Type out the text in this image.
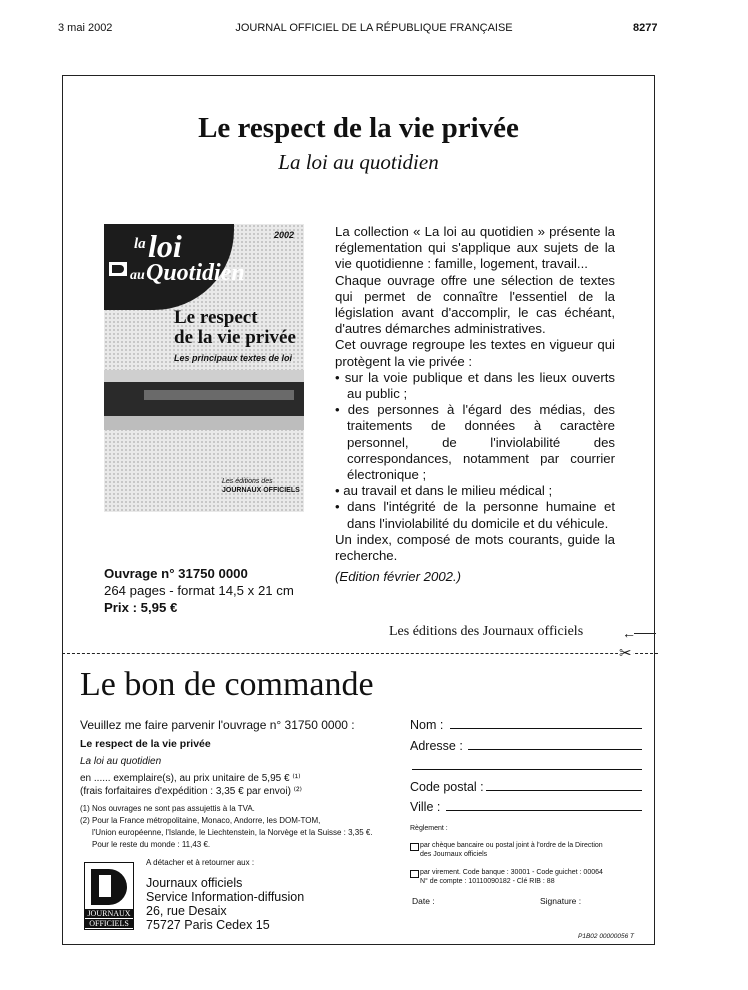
3 mai 2002	JOURNAL OFFICIEL DE LA RÉPUBLIQUE FRANÇAISE	8277
Le respect de la vie privée
La loi au quotidien
la loi
au Quotidien
2002
Le respect
de la vie privée
Les principaux textes de loi
Les éditions des
JOURNAUX OFFICIELS
La collection « La loi au quotidien » présente la réglementation qui s'applique aux sujets de la vie quotidienne : famille, logement, travail...
Chaque ouvrage offre une sélection de textes qui permet de connaître l'essentiel de la législation avant d'accomplir, le cas échéant, d'autres démarches administratives.
Cet ouvrage regroupe les textes en vigueur qui protègent la vie privée :
• sur la voie publique et dans les lieux ouverts au public ;
• des personnes à l'égard des médias, des traitements de données à caractère personnel, de l'inviolabilité des correspondances, notamment par courrier électronique ;
• au travail et dans le milieu médical ;
• dans l'intégrité de la personne humaine et dans l'inviolabilité du domicile et du véhicule.
Un index, composé de mots courants, guide la recherche.
(Edition février 2002.)
Ouvrage n° 31750 0000
264 pages - format 14,5 x 21 cm
Prix : 5,95 €
Les éditions des Journaux officiels	←
✂
Le bon de commande
Veuillez me faire parvenir l'ouvrage n° 31750 0000 :
Le respect de la vie privée
La loi au quotidien
en ...... exemplaire(s), au prix unitaire de 5,95 € ⁽¹⁾
(frais forfaitaires d'expédition : 3,35 € par envoi) ⁽²⁾
(1) Nos ouvrages ne sont pas assujettis à la TVA.
(2) Pour la France métropolitaine, Monaco, Andorre, les DOM-TOM,
l'Union européenne, l'Islande, le Liechtenstein, la Norvège et la Suisse : 3,35 €.
Pour le reste du monde : 11,43 €.
JOURNAUX
OFFICIELS
A détacher et à retourner aux :
Journaux officiels
Service Information-diffusion
26, rue Desaix
75727 Paris Cedex 15
Nom :
Adresse :
Code postal :
Ville :
Règlement :
par chèque bancaire ou postal joint à l'ordre de la Direction
des Journaux officiels
par virement. Code banque : 30001 - Code guichet : 00064
N° de compte : 10110090182 - Clé RIB : 88
Date :	Signature :
P1B02 00000056 T
